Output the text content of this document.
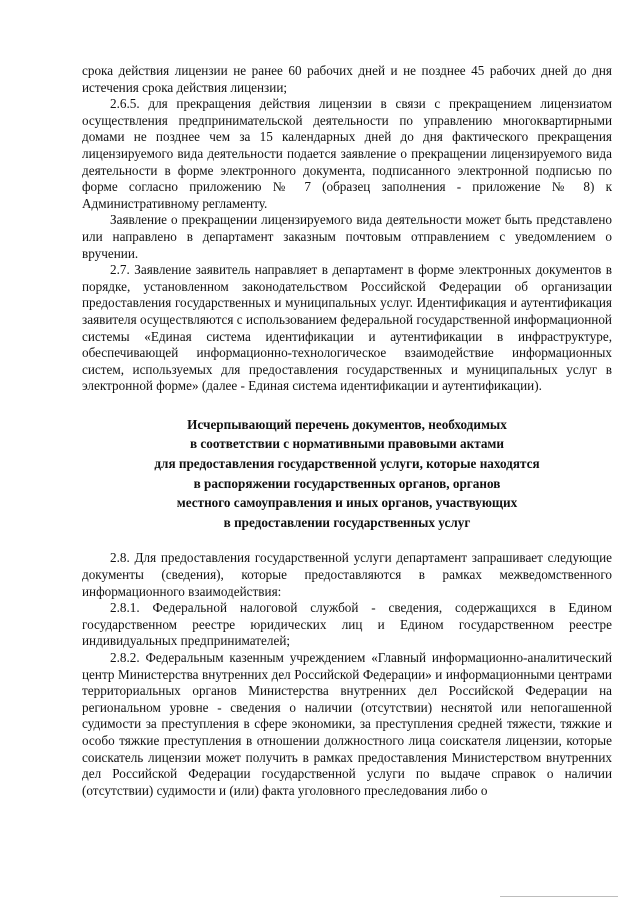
срока действия лицензии не ранее 60 рабочих дней и не позднее 45 рабочих дней до дня истечения срока действия лицензии;

2.6.5. для прекращения действия лицензии в связи с прекращением лицензиатом осуществления предпринимательской деятельности по управлению многоквартирными домами не позднее чем за 15 календарных дней до дня фактического прекращения лицензируемого вида деятельности подается заявление о прекращении лицензируемого вида деятельности в форме электронного документа, подписанного электронной подписью по форме согласно приложению № 7 (образец заполнения - приложение № 8) к Административному регламенту.

Заявление о прекращении лицензируемого вида деятельности может быть представлено или направлено в департамент заказным почтовым отправлением с уведомлением о вручении.

2.7. Заявление заявитель направляет в департамент в форме электронных документов в порядке, установленном законодательством Российской Федерации об организации предоставления государственных и муниципальных услуг. Идентификация и аутентификация заявителя осуществляются с использованием федеральной государственной информационной системы «Единая система идентификации и аутентификации в инфраструктуре, обеспечивающей информационно-технологическое взаимодействие информационных систем, используемых для предоставления государственных и муниципальных услуг в электронной форме» (далее - Единая система идентификации и аутентификации).

Исчерпывающий перечень документов, необходимых
в соответствии с нормативными правовыми актами
для предоставления государственной услуги, которые находятся
в распоряжении государственных органов, органов
местного самоуправления и иных органов, участвующих
в предоставлении государственных услуг

2.8. Для предоставления государственной услуги департамент запрашивает следующие документы (сведения), которые предоставляются в рамках межведомственного информационного взаимодействия:

2.8.1. Федеральной налоговой службой - сведения, содержащихся в Едином государственном реестре юридических лиц и Едином государственном реестре индивидуальных предпринимателей;

2.8.2. Федеральным казенным учреждением «Главный информационно-аналитический центр Министерства внутренних дел Российской Федерации» и информационными центрами территориальных органов Министерства внутренних дел Российской Федерации на региональном уровне - сведения о наличии (отсутствии) неснятой или непогашенной судимости за преступления в сфере экономики, за преступления средней тяжести, тяжкие и особо тяжкие преступления в отношении должностного лица соискателя лицензии, которые соискатель лицензии может получить в рамках предоставления Министерством внутренних дел Российской Федерации государственной услуги по выдаче справок о наличии (отсутствии) судимости и (или) факта уголовного преследования либо о
